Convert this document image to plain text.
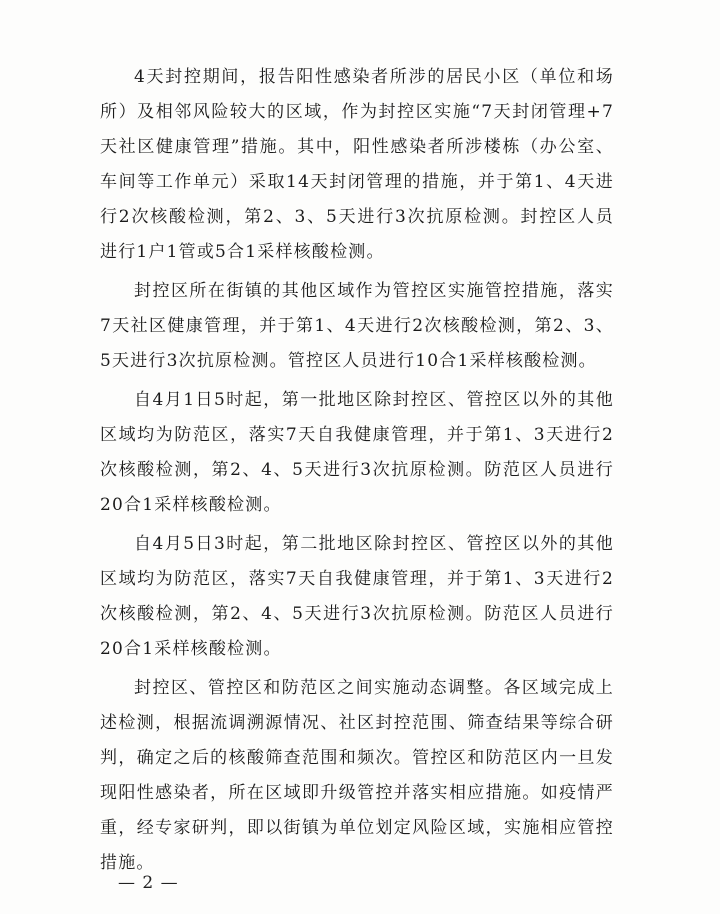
4天封控期间，报告阳性感染者所涉的居民小区（单位和场所）及相邻风险较大的区域，作为封控区实施“7天封闭管理+7天社区健康管理”措施。其中，阳性感染者所涉楼栋（办公室、车间等工作单元）采取14天封闭管理的措施，并于第1、4天进行2次核酸检测，第2、3、5天进行3次抗原检测。封控区人员进行1户1管或5合1采样核酸检测。

封控区所在街镇的其他区域作为管控区实施管控措施，落实7天社区健康管理，并于第1、4天进行2次核酸检测，第2、3、5天进行3次抗原检测。管控区人员进行10合1采样核酸检测。

自4月1日5时起，第一批地区除封控区、管控区以外的其他区域均为防范区，落实7天自我健康管理，并于第1、3天进行2次核酸检测，第2、4、5天进行3次抗原检测。防范区人员进行20合1采样核酸检测。

自4月5日3时起，第二批地区除封控区、管控区以外的其他区域均为防范区，落实7天自我健康管理，并于第1、3天进行2次核酸检测，第2、4、5天进行3次抗原检测。防范区人员进行20合1采样核酸检测。

封控区、管控区和防范区之间实施动态调整。各区域完成上述检测，根据流调溯源情况、社区封控范围、筛查结果等综合研判，确定之后的核酸筛查范围和频次。管控区和防范区内一旦发现阳性感染者，所在区域即升级管控并落实相应措施。如疫情严重，经专家研判，即以街镇为单位划定风险区域，实施相应管控措施。

— 2 —
